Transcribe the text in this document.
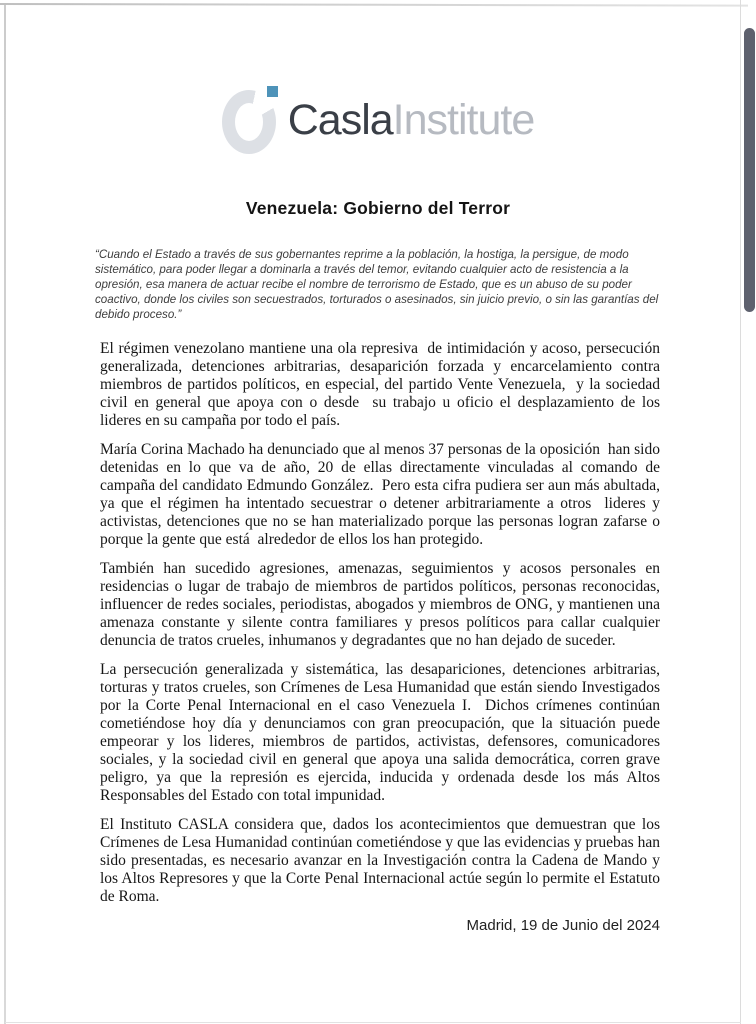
CaslaInstitute
Venezuela: Gobierno del Terror
“Cuando el Estado a través de sus gobernantes reprime a la población, la hostiga, la persigue, de modo sistemático, para poder llegar a dominarla a través del temor, evitando cualquier acto de resistencia a la opresión, esa manera de actuar recibe el nombre de terrorismo de Estado, que es un abuso de su poder coactivo, donde los civiles son secuestrados, torturados o asesinados, sin juicio previo, o sin las garantías del debido proceso.”

El régimen venezolano mantiene una ola represiva  de intimidación y acoso, persecución generalizada, detenciones arbitrarias, desaparición forzada y encarcelamiento contra miembros de partidos políticos, en especial, del partido Vente Venezuela,  y la sociedad civil en general que apoya con o desde  su trabajo u oficio el desplazamiento de los lideres en su campaña por todo el país.

María Corina Machado ha denunciado que al menos 37 personas de la oposición  han sido detenidas en lo que va de año, 20 de ellas directamente vinculadas al comando de campaña del candidato Edmundo González.  Pero esta cifra pudiera ser aun más abultada, ya que el régimen ha intentado secuestrar o detener arbitrariamente a otros  lideres y activistas, detenciones que no se han materializado porque las personas logran zafarse o porque la gente que está  alrededor de ellos los han protegido.

También han sucedido agresiones, amenazas, seguimientos y acosos personales en residencias o lugar de trabajo de miembros de partidos políticos, personas reconocidas, influencer de redes sociales, periodistas, abogados y miembros de ONG, y mantienen una amenaza constante y silente contra familiares y presos políticos para callar cualquier denuncia de tratos crueles, inhumanos y degradantes que no han dejado de suceder.

La persecución generalizada y sistemática, las desapariciones, detenciones arbitrarias, torturas y tratos crueles, son Crímenes de Lesa Humanidad que están siendo Investigados por la Corte Penal Internacional en el caso Venezuela I.  Dichos crímenes continúan cometiéndose hoy día y denunciamos con gran preocupación, que la situación puede empeorar y los lideres, miembros de partidos, activistas, defensores, comunicadores sociales, y la sociedad civil en general que apoya una salida democrática, corren grave peligro, ya que la represión es ejercida, inducida y ordenada desde los más Altos Responsables del Estado con total impunidad.

El Instituto CASLA considera que, dados los acontecimientos que demuestran que los Crímenes de Lesa Humanidad continúan cometiéndose y que las evidencias y pruebas han sido presentadas, es necesario avanzar en la Investigación contra la Cadena de Mando y los Altos Represores y que la Corte Penal Internacional actúe según lo permite el Estatuto de Roma.

Madrid, 19 de Junio del 2024
